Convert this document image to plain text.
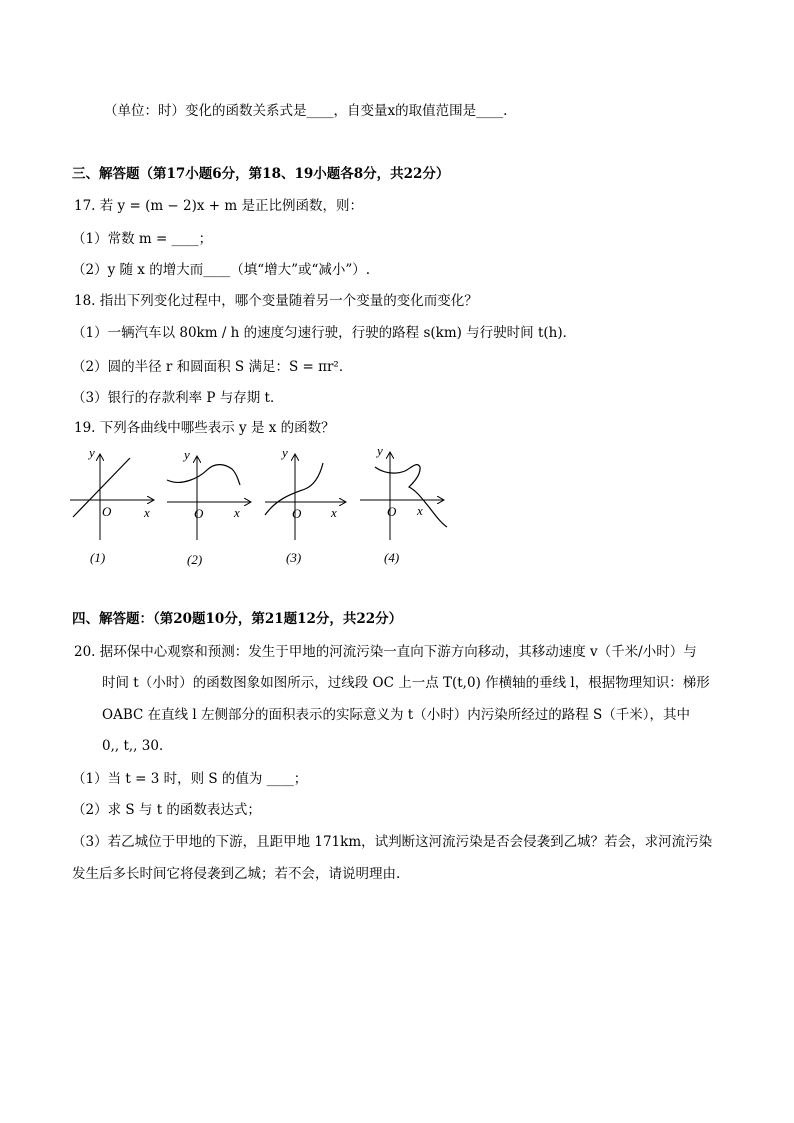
（单位：时）变化的函数关系式是____，自变量x的取值范围是____.
三、解答题（第17小题6分，第18、19小题各8分，共22分）
17. 若 y = (m − 2)x + m 是正比例函数，则：
（1）常数 m = ____；
（2）y 随 x 的增大而____（填“增大”或“减小”）.
18. 指出下列变化过程中，哪个变量随着另一个变量的变化而变化？
（1）一辆汽车以 80km / h 的速度匀速行驶，行驶的路程 s(km) 与行驶时间 t(h)．
（2）圆的半径 r 和圆面积 S 满足：S = πr²．
（3）银行的存款利率 P 与存期 t．
19. 下列各曲线中哪些表示 y 是 x 的函数？
y
O	x
y
O x
y
O x
y
O x
(1)	(2)	(3)	(4)
四、解答题：（第20题10分，第21题12分，共22分）
20. 据环保中心观察和预测：发生于甲地的河流污染一直向下游方向移动，其移动速度 v（千米/小时）与
时间 t（小时）的函数图象如图所示，过线段 OC 上一点 T(t,0) 作横轴的垂线 l，根据物理知识：梯形
OABC 在直线 l 左侧部分的面积表示的实际意义为 t（小时）内污染所经过的路程 S（千米），其中
0,, t,, 30．
（1）当 t = 3 时，则 S 的值为 ____；
（2）求 S 与 t 的函数表达式；
（3）若乙城位于甲地的下游，且距甲地 171km，试判断这河流污染是否会侵袭到乙城？若会，求河流污染
发生后多长时间它将侵袭到乙城；若不会，请说明理由.
